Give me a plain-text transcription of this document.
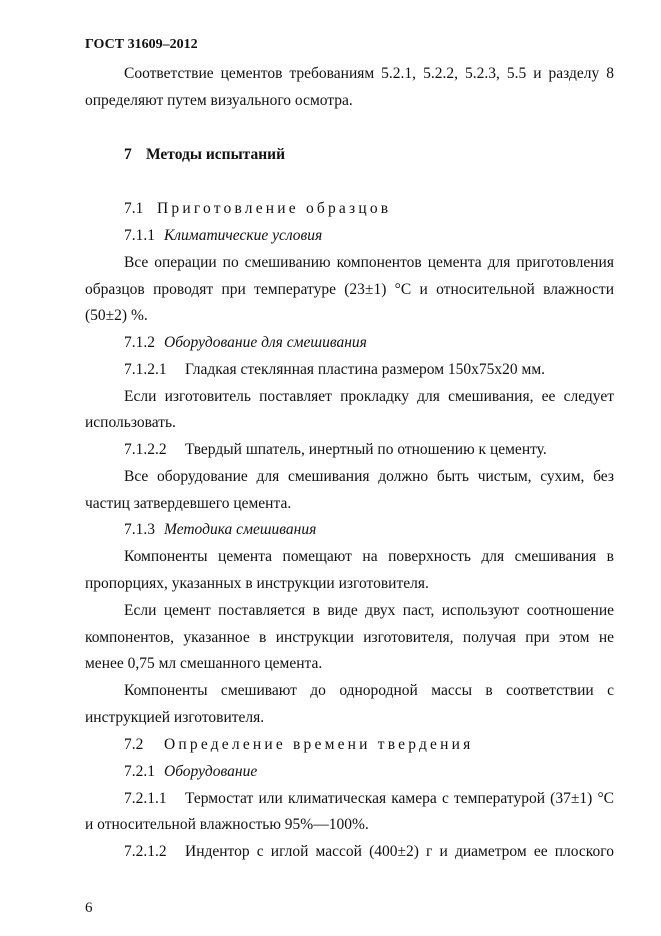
ГОСТ 31609–2012
Соответствие цементов требованиям 5.2.1, 5.2.2, 5.2.3, 5.5 и разделу 8
определяют путем визуального осмотра.
7 Методы испытаний
7.1 Приготовление образцов
7.1.1 Климатические условия
Все операции по смешиванию компонентов цемента для приготовления
образцов проводят при температуре (23±1) °С и относительной влажности
(50±2) %.
7.1.2 Оборудование для смешивания
7.1.2.1 Гладкая стеклянная пластина размером 150x75x20 мм.
Если изготовитель поставляет прокладку для смешивания, ее следует
использовать.
7.1.2.2 Твердый шпатель, инертный по отношению к цементу.
Все оборудование для смешивания должно быть чистым, сухим, без
частиц затвердевшего цемента.
7.1.3 Методика смешивания
Компоненты цемента помещают на поверхность для смешивания в
пропорциях, указанных в инструкции изготовителя.
Если цемент поставляется в виде двух паст, используют соотношение
компонентов, указанное в инструкции изготовителя, получая при этом не
менее 0,75 мл смешанного цемента.
Компоненты смешивают до однородной массы в соответствии с
инструкцией изготовителя.
7.2 Определение времени твердения
7.2.1 Оборудование
7.2.1.1 Термостат или климатическая камера с температурой (37±1) °С
и относительной влажностью 95%—100%.
7.2.1.2 Индентор с иглой массой (400±2) г и диаметром ее плоского
6
